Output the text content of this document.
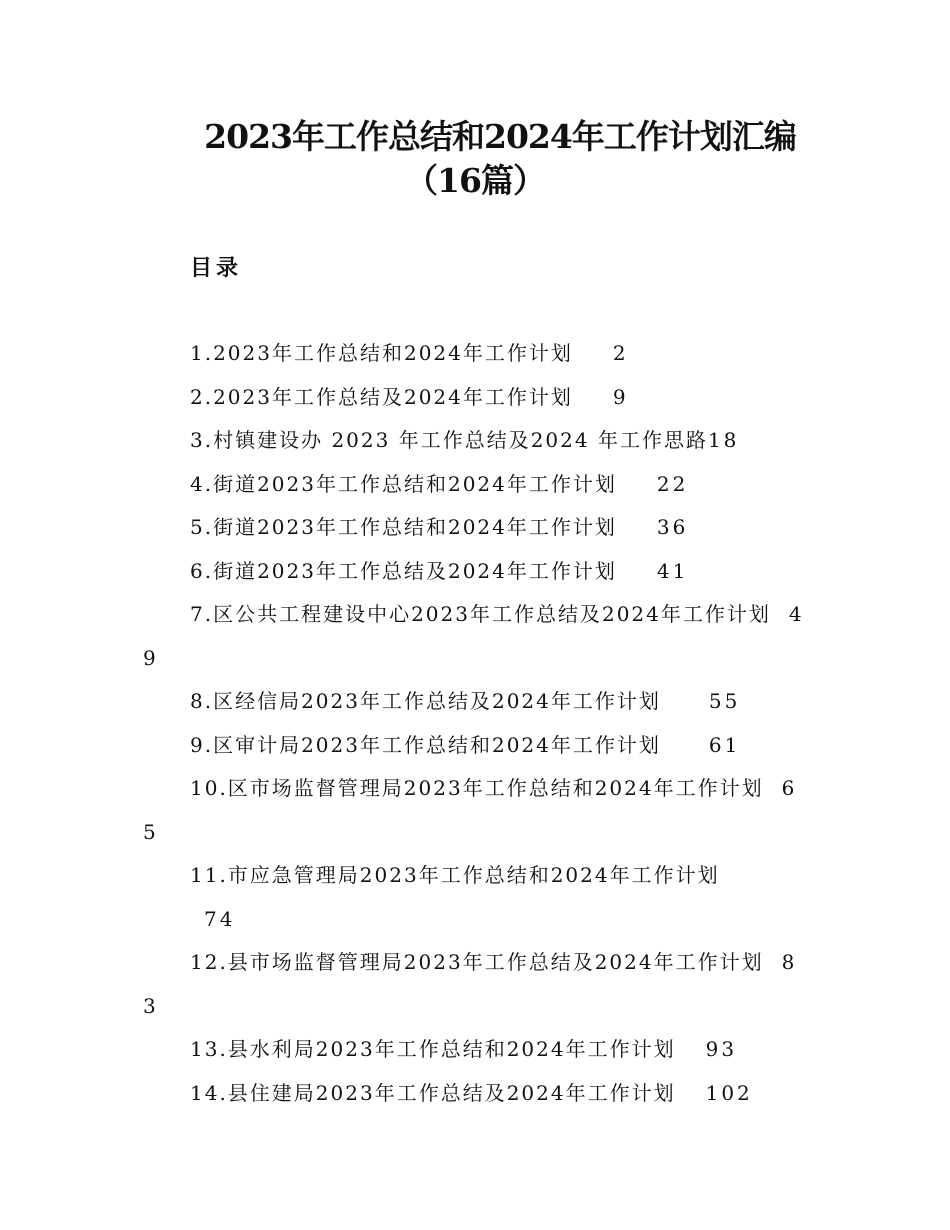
2023年工作总结和2024年工作计划汇编
（16篇）
目录
1.2023年工作总结和2024年工作计划 2
2.2023年工作总结及2024年工作计划 9
3.村镇建设办 2023 年工作总结及2024 年工作思路18
4.街道2023年工作总结和2024年工作计划 22
5.街道2023年工作总结和2024年工作计划 36
6.街道2023年工作总结及2024年工作计划 41
7.区公共工程建设中心2023年工作总结及2024年工作计划 49
8.区经信局2023年工作总结及2024年工作计划 55
9.区审计局2023年工作总结和2024年工作计划 61
10.区市场监督管理局2023年工作总结和2024年工作计划 65
11.市应急管理局2023年工作总结和2024年工作计划
74
12.县市场监督管理局2023年工作总结及2024年工作计划 83
13.县水利局2023年工作总结和2024年工作计划 93
14.县住建局2023年工作总结及2024年工作计划 102
